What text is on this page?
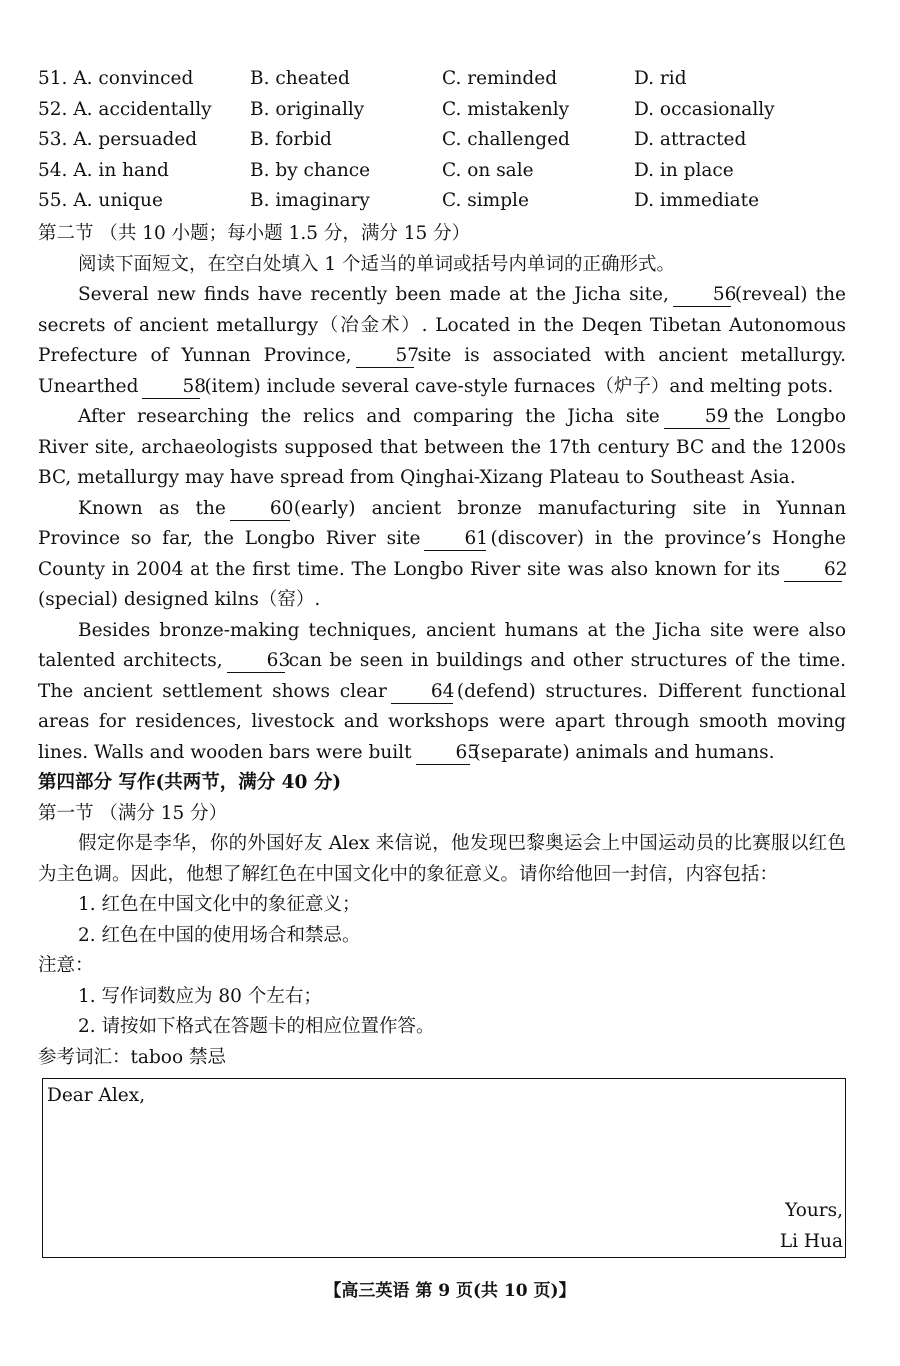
51. A. convinced	B. cheated	C. reminded	D. rid
52. A. accidentally	B. originally	C. mistakenly	D. occasionally
53. A. persuaded	B. forbid	C. challenged	D. attracted
54. A. in hand	B. by chance	C. on sale	D. in place
55. A. unique	B. imaginary	C. simple	D. immediate
第二节 （共 10 小题；每小题 1.5 分，满分 15 分）
阅读下面短文，在空白处填入 1 个适当的单词或括号内单词的正确形式。

Several new finds have recently been made at the Jicha site, 56(reveal) the secrets of ancient metallurgy（冶金术）. Located in the Deqen Tibetan Autonomous Prefecture of Yunnan Province, 57site is associated with ancient metallurgy. Unearthed 58(item) include several cave-style furnaces（炉子）and melting pots.

After researching the relics and comparing the Jicha site 59 the Longbo River site, archaeologists supposed that between the 17th century BC and the 1200s BC, metallurgy may have spread from Qinghai-Xizang Plateau to Southeast Asia.

Known as the 60(early) ancient bronze manufacturing site in Yunnan Province so far, the Longbo River site 61 (discover) in the province’s Honghe County in 2004 at the first time. The Longbo River site was also known for its 62(special) designed kilns（窑）.

Besides bronze-making techniques, ancient humans at the Jicha site were also talented architects, 63can be seen in buildings and other structures of the time. The ancient settlement shows clear 64 (defend) structures. Different functional areas for residences, livestock and workshops were apart through smooth moving lines. Walls and wooden bars were built 65(separate) animals and humans.

第四部分 写作(共两节，满分 40 分)
第一节 （满分 15 分）

假定你是李华，你的外国好友 Alex 来信说，他发现巴黎奥运会上中国运动员的比赛服以红色为主色调。因此，他想了解红色在中国文化中的象征意义。请你给他回一封信，内容包括：

1. 红色在中国文化中的象征意义；
2. 红色在中国的使用场合和禁忌。
注意：
1. 写作词数应为 80 个左右；
2. 请按如下格式在答题卡的相应位置作答。
参考词汇：taboo 禁忌
Dear Alex,
Yours,
Li Hua
【高三英语 第 9 页(共 10 页)】
